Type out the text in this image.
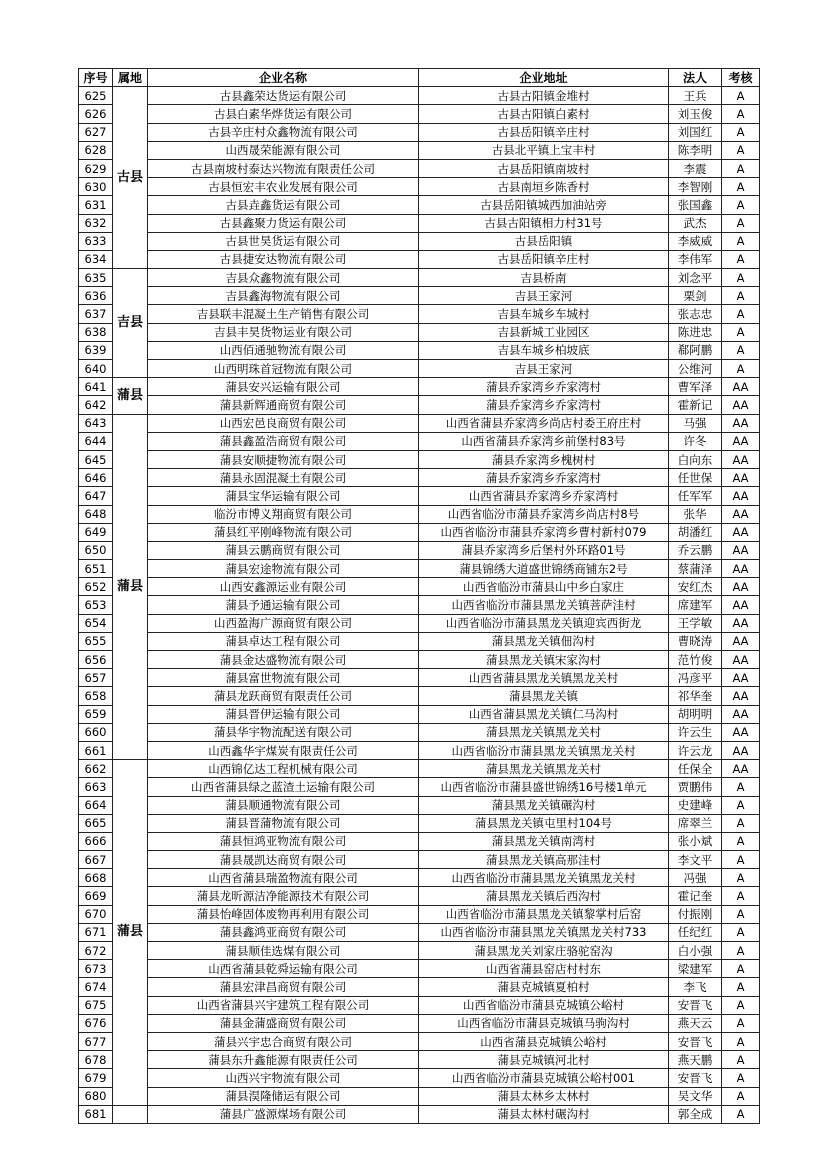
序号	属地	企业名称	企业地址	法人	考核
625	古县	古县鑫荣达货运有限公司	古县古阳镇金堆村	王兵	A
626		古县白素华烨货运有限公司	古县古阳镇白素村	刘玉俊	A
627		古县辛庄村众鑫物流有限公司	古县岳阳镇辛庄村	刘国红	A
628		山西晟荣能源有限公司	古县北平镇上宝丰村	陈李明	A
629		古县南坡村泰达兴物流有限责任公司	古县岳阳镇南坡村	李震	A
630		古县恒宏丰农业发展有限公司	古县南垣乡陈香村	李智刚	A
631		古县垚鑫货运有限公司	古县岳阳镇城西加油站旁	张国鑫	A
632		古县鑫聚力货运有限公司	古县古阳镇相力村31号	武杰	A
633		古县世昊货运有限公司	古县岳阳镇	李威威	A
634		古县捷安达物流有限公司	古县岳阳镇辛庄村	李伟军	A
635	吉县	吉县众鑫物流有限公司	吉县桥南	刘念平	A
636		吉县鑫海物流有限公司	吉县王家河	栗剑	A
637		吉县联丰混凝土生产销售有限公司	吉县车城乡车城村	张志忠	A
638		吉县丰昊货物运业有限公司	吉县新城工业园区	陈进忠	A
639		山西佰通驰物流有限公司	吉县车城乡柏坡底	郗阿鹏	A
640		山西明珠首冠物流有限公司	吉县王家河	公维河	A
641	蒲县	蒲县安兴运输有限公司	蒲县乔家湾乡乔家湾村	曹军泽	AA
642		蒲县新辉通商贸有限公司	蒲县乔家湾乡乔家湾村	霍新记	AA
643	蒲县	山西宏邑良商贸有限公司	山西省蒲县乔家湾乡尚店村委王府庄村	马强	AA
644		蒲县鑫盈浩商贸有限公司	山西省蒲县乔家湾乡前堡村83号	许冬	AA
645		蒲县安顺捷物流有限公司	蒲县乔家湾乡槐树村	白向东	AA
646		蒲县永固混凝土有限公司	蒲县乔家湾乡乔家湾村	任世保	AA
647		蒲县宝华运输有限公司	山西省蒲县乔家湾乡乔家湾村	任军军	AA
648		临汾市博义翔商贸有限公司	山西省临汾市蒲县乔家湾乡尚店村8号	张华	AA
649		蒲县红平刚峰物流有限公司	山西省临汾市蒲县乔家湾乡曹村新村079	胡潘红	AA
650		蒲县云鹏商贸有限公司	蒲县乔家湾乡后堡村外环路01号	乔云鹏	AA
651		蒲县宏途物流有限公司	蒲县锦绣大道盛世锦绣商铺东2号	蔡蒲泽	AA
652		山西安鑫源运业有限公司	山西省临汾市蒲县山中乡白家庄	安红杰	AA
653		蒲县予通运输有限公司	山西省临汾市蒲县黑龙关镇菩萨洼村	席建军	AA
654		山西盈海广源商贸有限公司	山西省临汾市蒲县黑龙关镇迎宾西街龙	王学敏	AA
655		蒲县卓达工程有限公司	蒲县黑龙关镇佃沟村	曹晓涛	AA
656		蒲县金达盛物流有限公司	蒲县黑龙关镇宋家沟村	范竹俊	AA
657		蒲县富世物流有限公司	山西省蒲县黑龙关镇黑龙关村	冯彦平	AA
658		蒲县龙跃商贸有限责任公司	蒲县黑龙关镇	祁华奎	AA
659		蒲县晋伊运输有限公司	山西省蒲县黑龙关镇仁马沟村	胡明明	AA
660		蒲县华宇物流配送有限公司	蒲县黑龙关镇黑龙关村	许云生	AA
661		山西鑫华宇煤炭有限责任公司	山西省临汾市蒲县黑龙关镇黑龙关村	许云龙	AA
662	蒲县	山西锦亿达工程机械有限公司	蒲县黑龙关镇黑龙关村	任保全	AA
663		山西省蒲县绿之蓝渣土运输有限公司	山西省临汾市蒲县盛世锦绣16号楼1单元	贾鹏伟	A
664		蒲县顺通物流有限公司	蒲县黑龙关镇碾沟村	史建峰	A
665		蒲县晋蒲物流有限公司	蒲县黑龙关镇屯里村104号	席翠兰	A
666		蒲县恒鸿亚物流有限公司	蒲县黑龙关镇南湾村	张小斌	A
667		蒲县晟凯达商贸有限公司	蒲县黑龙关镇高那洼村	李文平	A
668		山西省蒲县瑞盈物流有限公司	山西省临汾市蒲县黑龙关镇黑龙关村	冯强	A
669		蒲县龙昕源洁净能源技术有限公司	蒲县黑龙关镇后西沟村	霍记奎	A
670		蒲县怡峰固体废物再利用有限公司	山西省临汾市蒲县黑龙关镇黎掌村后窑	付振刚	A
671		蒲县鑫鸿亚商贸有限公司	山西省临汾市蒲县黑龙关镇黑龙关村733	任纪红	A
672		蒲县顺佳选煤有限公司	蒲县黑龙关刘家庄骆驼窑沟	白小强	A
673		山西省蒲县乾舜运输有限公司	山西省蒲县窑店村村东	梁建军	A
674		蒲县宏津昌商贸有限公司	蒲县克城镇夏柏村	李飞	A
675		山西省蒲县兴宇建筑工程有限公司	山西省临汾市蒲县克城镇公峪村	安晋飞	A
676		蒲县金蒲盛商贸有限公司	山西省临汾市蒲县克城镇马驹沟村	燕天云	A
677		蒲县兴宇忠合商贸有限公司	山西省蒲县克城镇公峪村	安晋飞	A
678		蒲县东升鑫能源有限责任公司	蒲县克城镇河北村	燕天鹏	A
679		山西兴宇物流有限公司	山西省临汾市蒲县克城镇公峪村001	安晋飞	A
680		蒲县淏隆储运有限公司	蒲县太林乡太林村	吴文华	A
681		蒲县广盛源煤场有限公司	蒲县太林村碾沟村	郭全成	A
